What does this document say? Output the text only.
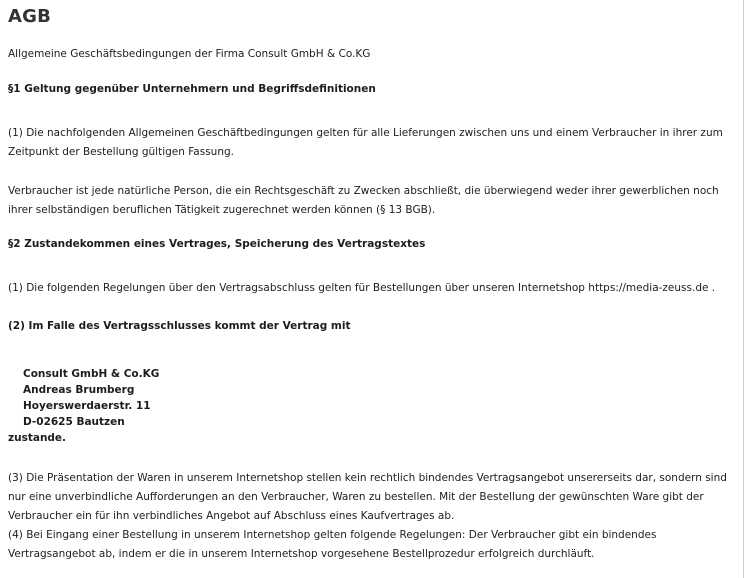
AGB

Allgemeine Geschäftsbedingungen der Firma Consult GmbH & Co.KG

§1 Geltung gegenüber Unternehmern und Begriffsdefinitionen

(1) Die nachfolgenden Allgemeinen Geschäftbedingungen gelten für alle Lieferungen zwischen uns und einem Verbraucher in ihrer zum

Zeitpunkt der Bestellung gültigen Fassung.

Verbraucher ist jede natürliche Person, die ein Rechtsgeschäft zu Zwecken abschließt, die überwiegend weder ihrer gewerblichen noch

ihrer selbständigen beruflichen Tätigkeit zugerechnet werden können (§ 13 BGB).

§2 Zustandekommen eines Vertrages, Speicherung des Vertragstextes

(1) Die folgenden Regelungen über den Vertragsabschluss gelten für Bestellungen über unseren Internetshop https://media-zeuss.de .

(2) Im Falle des Vertragsschlusses kommt der Vertrag mit

Consult GmbH & Co.KG

Andreas Brumberg

Hoyerswerdaerstr. 11

D-02625 Bautzen

zustande.

(3) Die Präsentation der Waren in unserem Internetshop stellen kein rechtlich bindendes Vertragsangebot unsererseits dar, sondern sind

nur eine unverbindliche Aufforderungen an den Verbraucher, Waren zu bestellen. Mit der Bestellung der gewünschten Ware gibt der

Verbraucher ein für ihn verbindliches Angebot auf Abschluss eines Kaufvertrages ab.

(4) Bei Eingang einer Bestellung in unserem Internetshop gelten folgende Regelungen: Der Verbraucher gibt ein bindendes

Vertragsangebot ab, indem er die in unserem Internetshop vorgesehene Bestellprozedur erfolgreich durchläuft.
